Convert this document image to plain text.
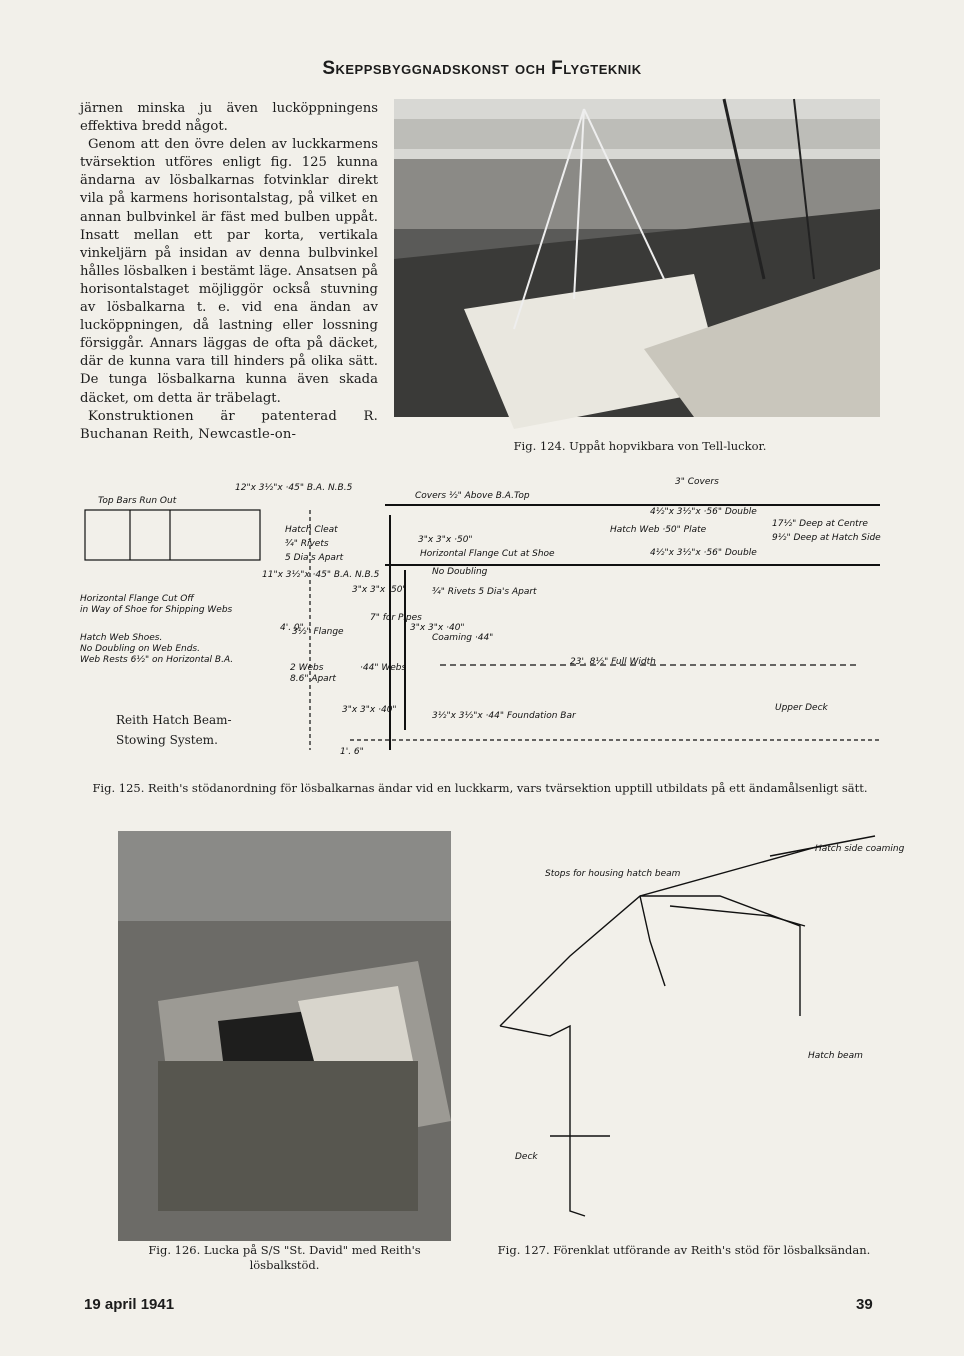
Skeppsbyggnadskonst och Flygteknik

järnen minska ju även lucköppningens effektiva bredd något.

Genom att den övre delen av luckkarmens tvärsektion utföres enligt fig. 125 kunna ändarna av lösbalkarnas fotvinklar direkt vila på karmens horisontalstag, på vilket en annan bulbvinkel är fäst med bulben uppåt. Insatt mellan ett par korta, vertikala vinkeljärn på insidan av denna bulbvinkel hålles lösbalken i bestämt läge. Ansatsen på horisontalstaget möjliggör också stuvning av lösbalkarna t. e. vid ena ändan av lucköppningen, då lastning eller lossning försiggår. Annars läggas de ofta på däcket, där de kunna vara till hinders på olika sätt. De tunga lösbalkarna kunna även skada däcket, om detta är träbelagt.

Konstruktionen är patenterad R. Buchanan Reith, Newcastle-on-

Fig. 124. Uppåt hopvikbara von Tell-luckor.
Top Bars Run Out
12"x 3½"x ·45" B.A. N.B.5
Covers ½" Above B.A.Top
3" Covers
4½"x 3½"x ·56" Double
Hatch Web ·50" Plate
17½" Deep at Centre
9½" Deep at Hatch Side
4½"x 3½"x ·56" Double
3"x 3"x ·50"
Horizontal Flange Cut at Shoe
Hatch Cleat
¾" Rivets
5 Dia's Apart
No Doubling
¾" Rivets 5 Dia's Apart
3"x 3"x ·50"
11"x 3½"x ·45" B.A. N.B.5
Horizontal Flange Cut Off
in Way of Shoe for Shipping Webs
Hatch Web Shoes.
No Doubling on Web Ends.
Web Rests 6½" on Horizontal B.A.
3½" Flange
7" for Pipes
Coaming ·44"
23'. 8½" Full Width
2 Webs
8.6" Apart
·44" Webs
3"x 3"x ·40"
3"x 3"x ·40"
3½"x 3½"x ·44" Foundation Bar
Upper Deck
4'. 0"
1'. 6"
Reith Hatch Beam-
Stowing System.
Fig. 125. Reith's stödanordning för lösbalkarnas ändar vid en luckkarm, vars tvärsektion upptill utbildats på ett ändamålsenligt sätt.
Fig. 126. Lucka på S/S "St. David" med Reith's lösbalkstöd.
Stops for housing hatch beam
Hatch side coaming
Hatch beam
Deck
Fig. 127. Förenklat utförande av Reith's stöd för lösbalksändan.
19 april 1941	39
